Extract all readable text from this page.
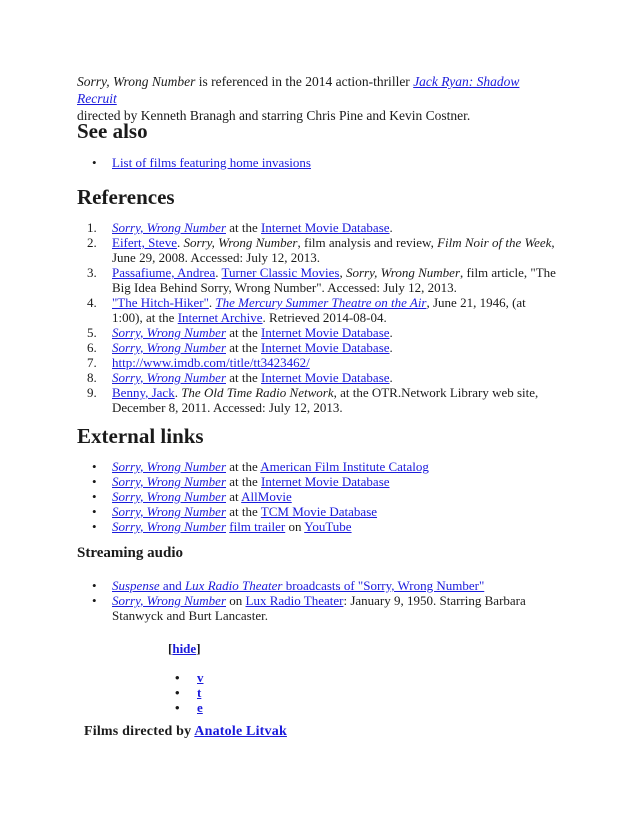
Sorry, Wrong Number is referenced in the 2014 action-thriller Jack Ryan: Shadow Recruit
directed by Kenneth Branagh and starring Chris Pine and Kevin Costner.
See also
• List of films featuring home invasions
References
1. Sorry, Wrong Number at the Internet Movie Database.
2. Eifert, Steve. Sorry, Wrong Number, film analysis and review, Film Noir of the Week, June 29, 2008. Accessed: July 12, 2013.
3. Passafiume, Andrea. Turner Classic Movies, Sorry, Wrong Number, film article, "The Big Idea Behind Sorry, Wrong Number". Accessed: July 12, 2013.
4. "The Hitch-Hiker". The Mercury Summer Theatre on the Air, June 21, 1946, (at 1:00), at the Internet Archive. Retrieved 2014-08-04.
5. Sorry, Wrong Number at the Internet Movie Database.
6. Sorry, Wrong Number at the Internet Movie Database.
7. http://www.imdb.com/title/tt3423462/
8. Sorry, Wrong Number at the Internet Movie Database.
9. Benny, Jack. The Old Time Radio Network, at the OTR.Network Library web site, December 8, 2011. Accessed: July 12, 2013.
External links
• Sorry, Wrong Number at the American Film Institute Catalog
• Sorry, Wrong Number at the Internet Movie Database
• Sorry, Wrong Number at AllMovie
• Sorry, Wrong Number at the TCM Movie Database
• Sorry, Wrong Number film trailer on YouTube
Streaming audio
• Suspense and Lux Radio Theater broadcasts of "Sorry, Wrong Number"
• Sorry, Wrong Number on Lux Radio Theater: January 9, 1950. Starring Barbara Stanwyck and Burt Lancaster.
[hide]
• v
• t
• e
Films directed by Anatole Litvak
